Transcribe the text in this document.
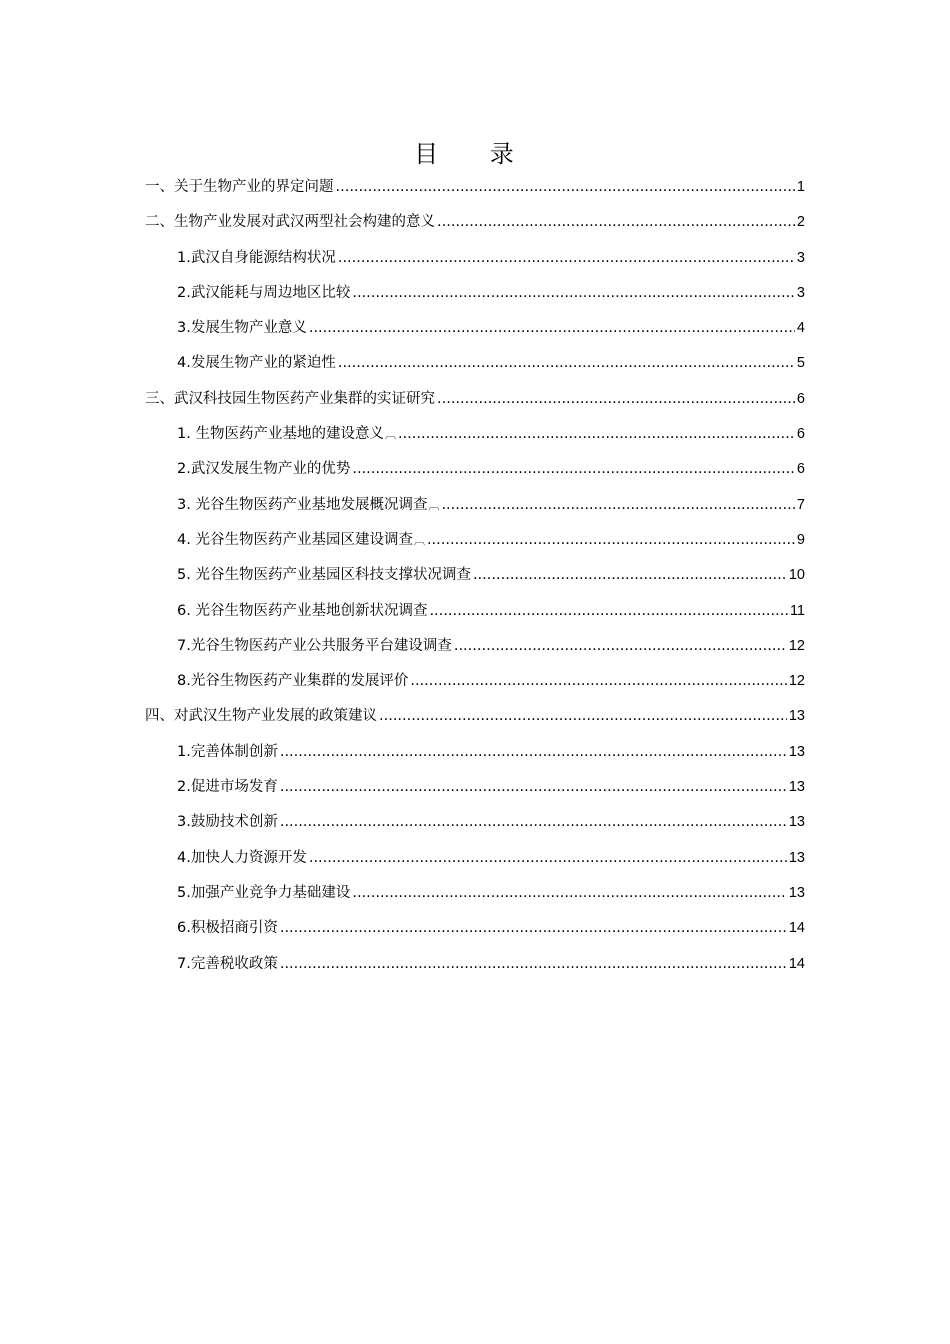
目 录
一、关于生物产业的界定问题 .....	1
二、生物产业发展对武汉两型社会构建的意义 .....	2
1.武汉自身能源结构状况 .....	3
2.武汉能耗与周边地区比较 .....	3
3.发展生物产业意义 .....	4
4.发展生物产业的紧迫性 .....	5
三、武汉科技园生物医药产业集群的实证研究 .....	6
1. 生物医药产业基地的建设意义 ︹ .....	6
2.武汉发展生物产业的优势 .....	6
3. 光谷生物医药产业基地发展概况调查 ︹ .....	7
4. 光谷生物医药产业基园区建设调查 ︹ .....	9
5. 光谷生物医药产业基园区科技支撑状况调查 .....	10
6. 光谷生物医药产业基地创新状况调查 .....	11
7.光谷生物医药产业公共服务平台建设调查 .....	12
8.光谷生物医药产业集群的发展评价 .....	12
四、对武汉生物产业发展的政策建议 .....	13
1.完善体制创新 .....	13
2.促进市场发育 .....	13
3.鼓励技术创新 .....	13
4.加快人力资源开发 .....	13
5.加强产业竞争力基础建设 .....	13
6.积极招商引资 .....	14
7.完善税收政策 .....	14
